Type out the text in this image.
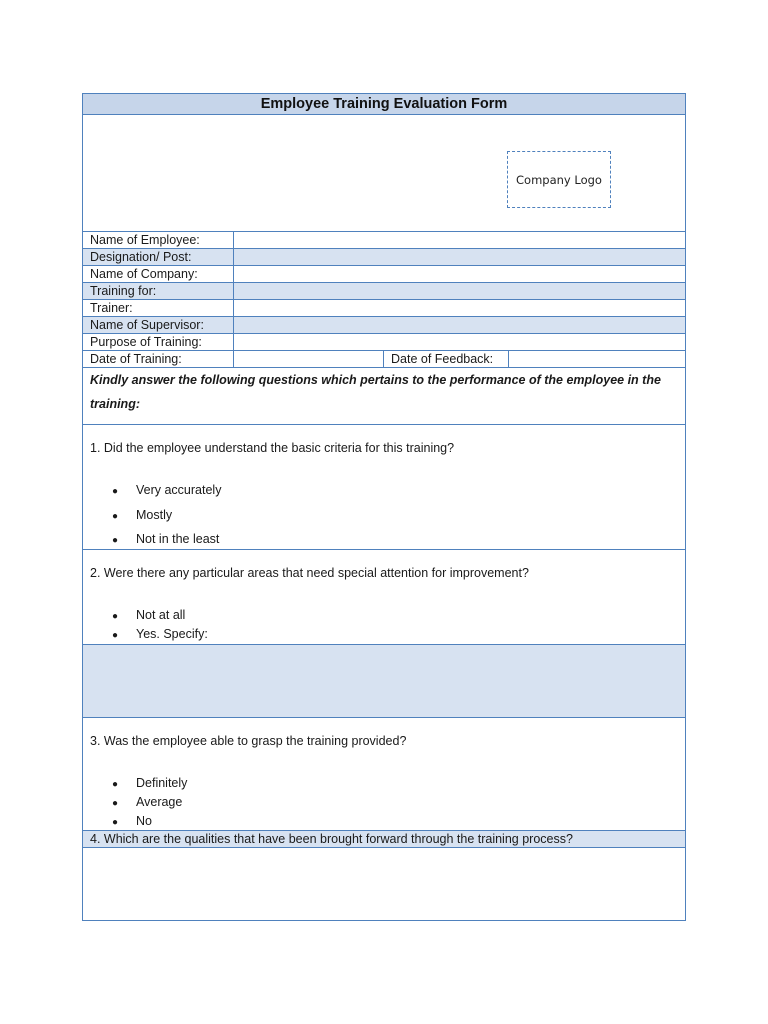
Employee Training Evaluation Form
Company Logo
Name of Employee:
Designation/ Post:
Name of Company:
Training for:
Trainer:
Name of Supervisor:
Purpose of Training:
Date of Training:	Date of Feedback:
Kindly answer the following questions which pertains to the performance of the employee in the training:
1. Did the employee understand the basic criteria for this training?
● Very accurately
● Mostly
● Not in the least
2. Were there any particular areas that need special attention for improvement?
● Not at all
● Yes. Specify:
3. Was the employee able to grasp the training provided?
● Definitely
● Average
● No
4. Which are the qualities that have been brought forward through the training process?
